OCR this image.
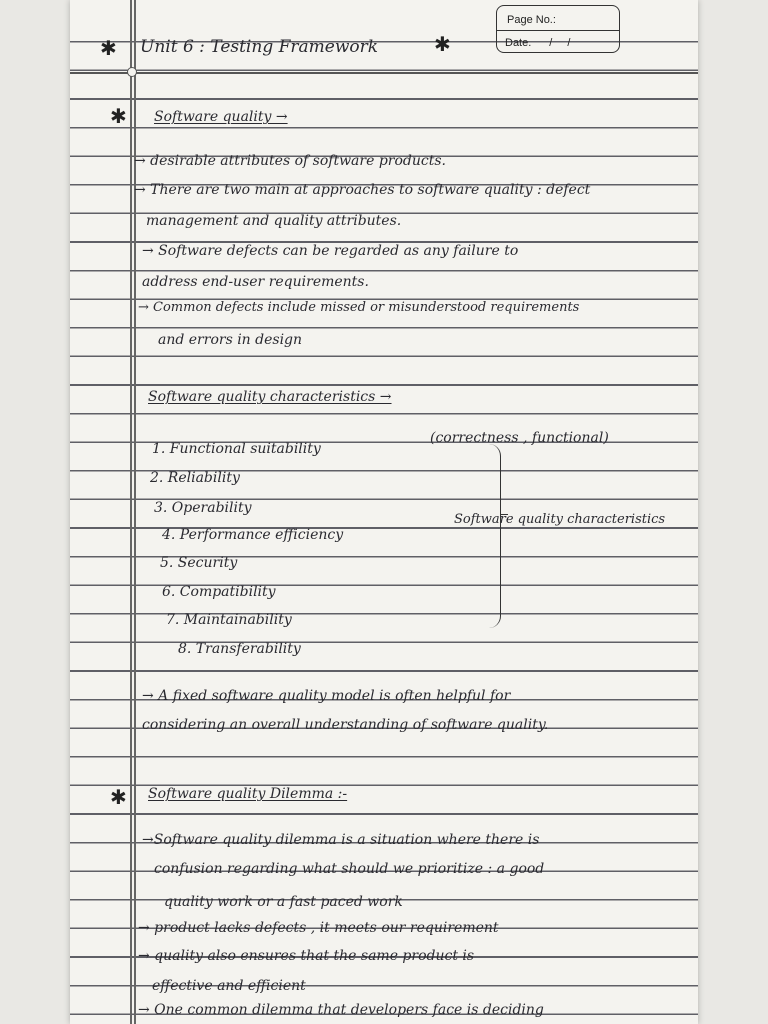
Page No.:
Date. / /
✱ Unit 6 : Testing Framework	✱
✱ Software quality →
→ desirable attributes of software products.
→ There are two main at approaches to software quality : defect
management and quality attributes.
→ Software defects can be regarded as any failure to
address end-user requirements.
→ Common defects include missed or misunderstood requirements
and errors in design
Software quality characteristics →
1. Functional suitability
2. Reliability
3. Operability
4. Performance efficiency
5. Security
6. Compatibility
7. Maintainability
8. Transferability
(correctness , functional)
Software quality characteristics
→ A fixed software quality model is often helpful for
considering an overall understanding of software quality.
✱ Software quality Dilemma :-
→Software quality dilemma is a situation where there is
confusion regarding what should we prioritize : a good
quality work or a fast paced work
→ product lacks defects , it meets our requirement
→ quality also ensures that the same product is
effective and efficient
→ One common dilemma that developers face is deciding
